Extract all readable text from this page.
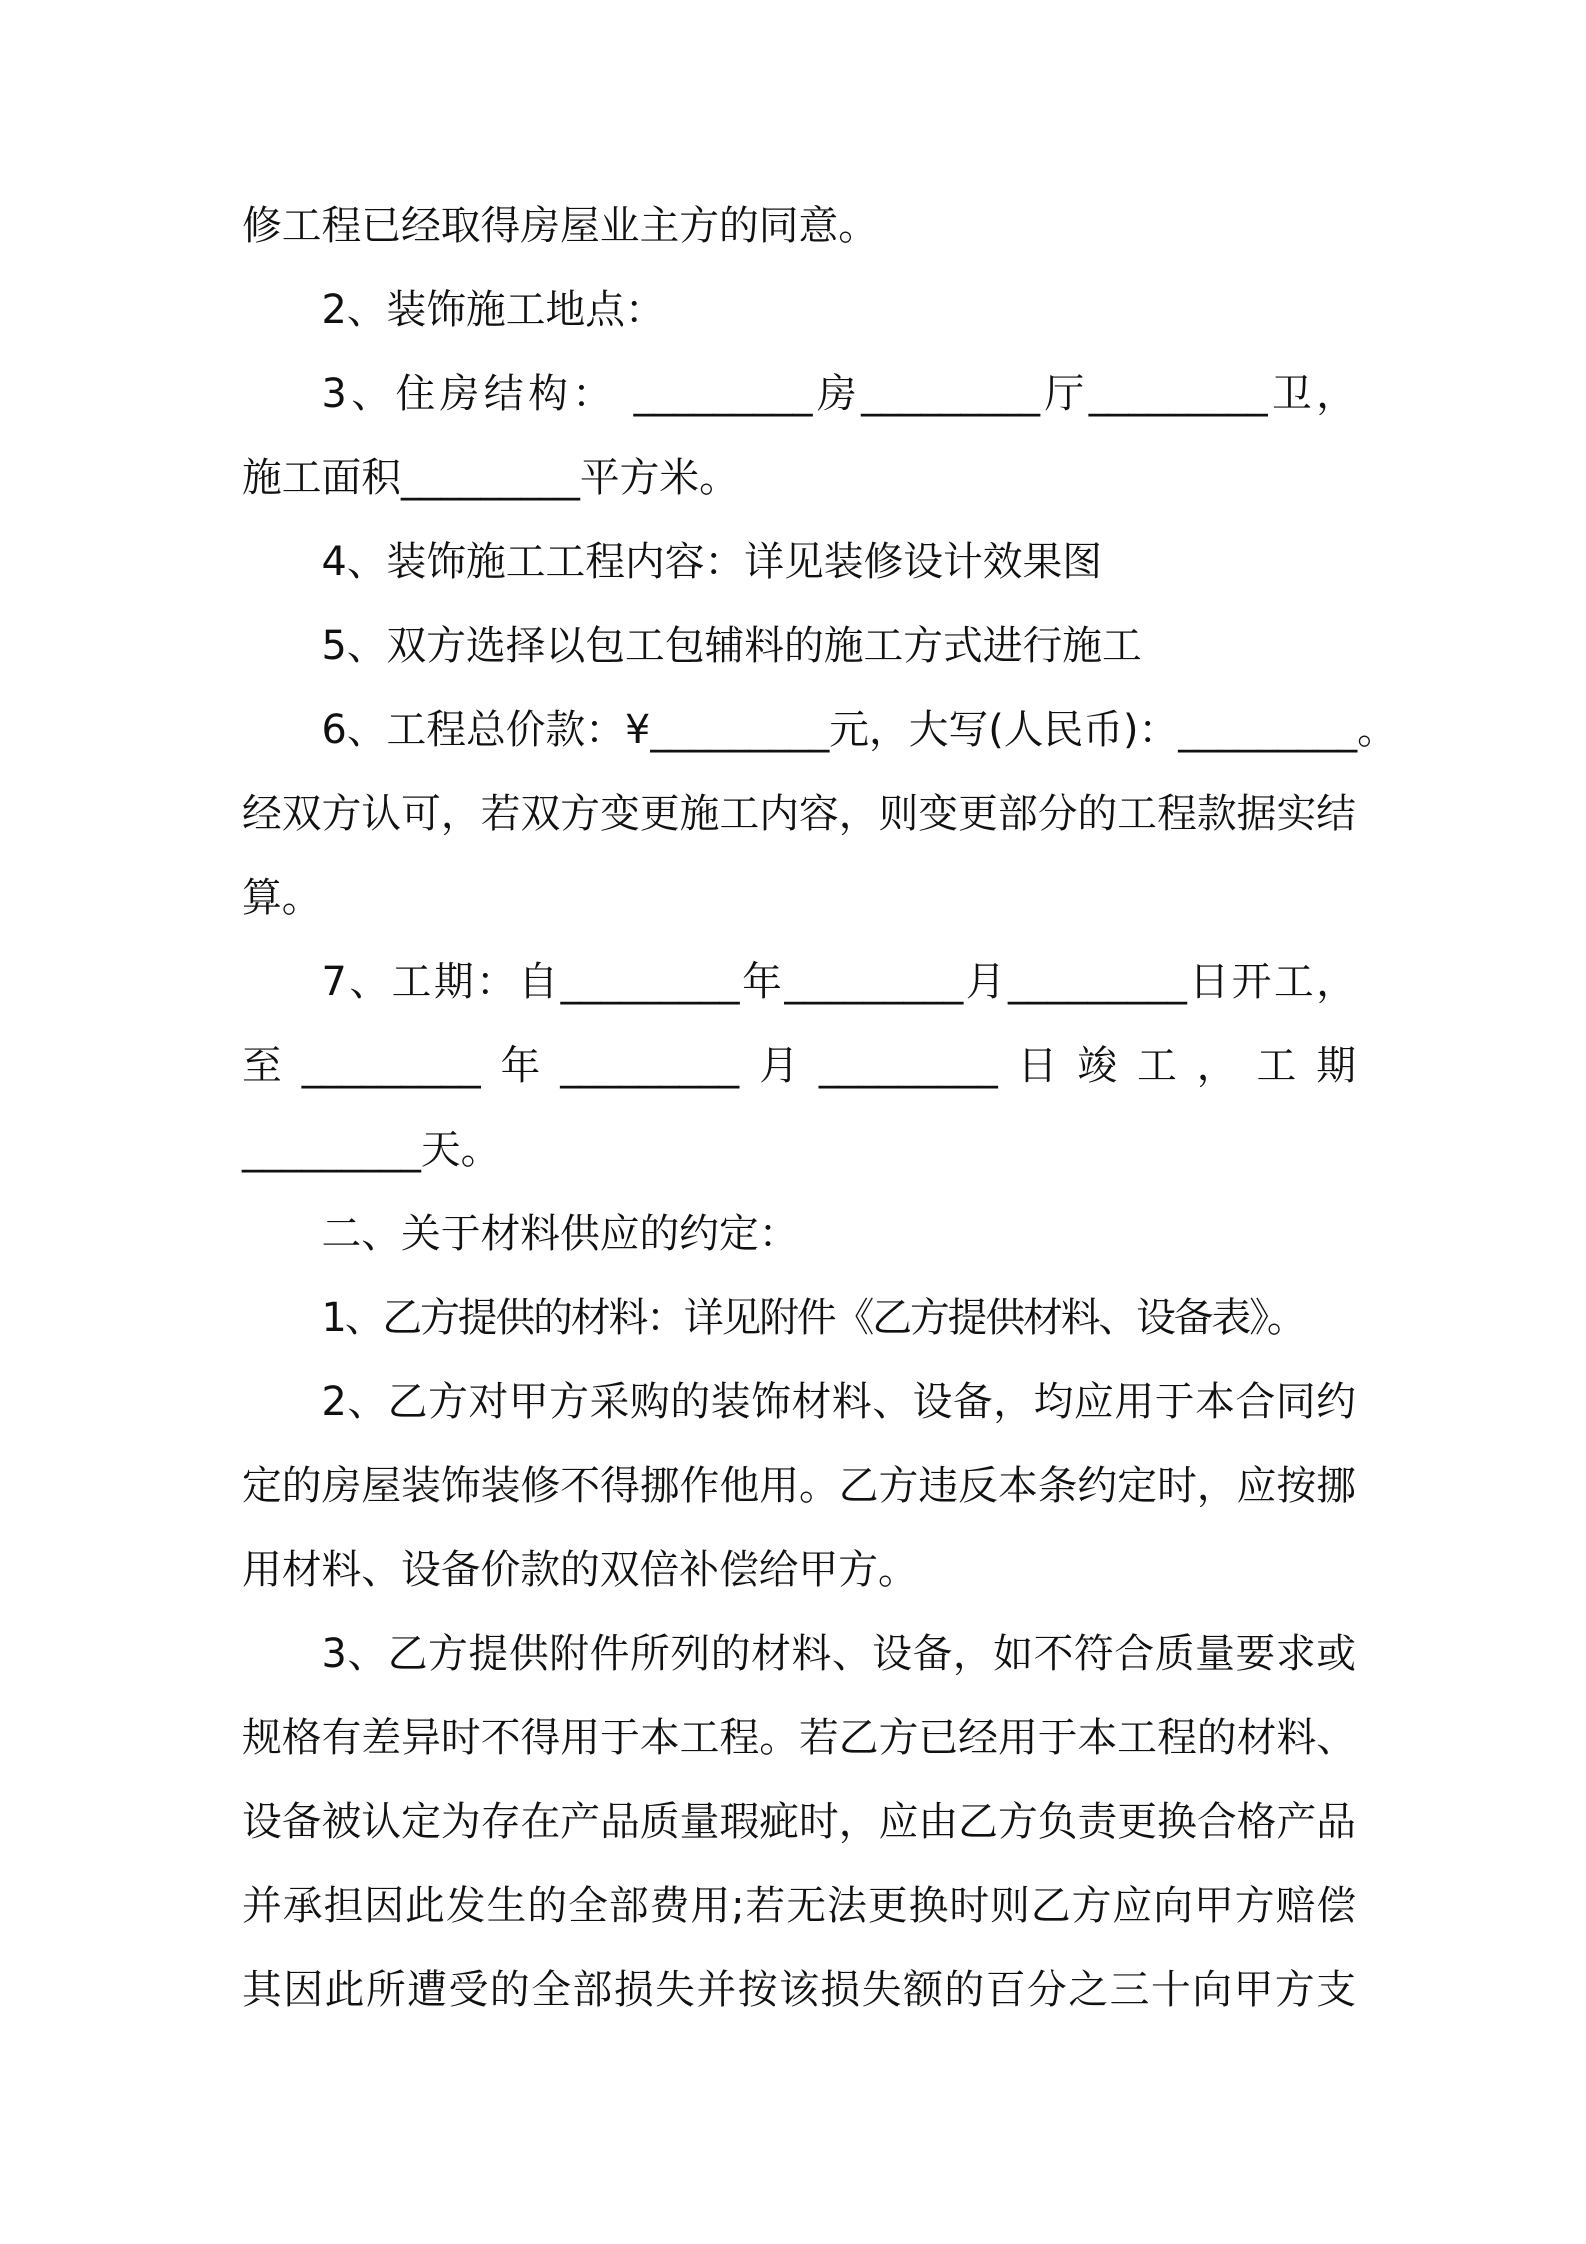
修工程已经取得房屋业主方的同意。
2、装饰施工地点：
3、住房结构： _________房_________厅_________卫，
施工面积_________平方米。
4、装饰施工工程内容：详见装修设计效果图
5、双方选择以包工包辅料的施工方式进行施工
6、工程总价款：¥_________元，大写(人民币)：_________。
经双方认可，若双方变更施工内容，则变更部分的工程款据实结
算。
7、工期：自_________年_________月_________日开工，
至_________年_________月_________日竣工，工期
_________天。
二、关于材料供应的约定：
1、乙方提供的材料：详见附件《乙方提供材料、设备表》。
2、乙方对甲方采购的装饰材料、设备，均应用于本合同约
定的房屋装饰装修不得挪作他用。乙方违反本条约定时，应按挪
用材料、设备价款的双倍补偿给甲方。
3、乙方提供附件所列的材料、设备，如不符合质量要求或
规格有差异时不得用于本工程。若乙方已经用于本工程的材料、
设备被认定为存在产品质量瑕疵时，应由乙方负责更换合格产品
并承担因此发生的全部费用;若无法更换时则乙方应向甲方赔偿
其因此所遭受的全部损失并按该损失额的百分之三十向甲方支
